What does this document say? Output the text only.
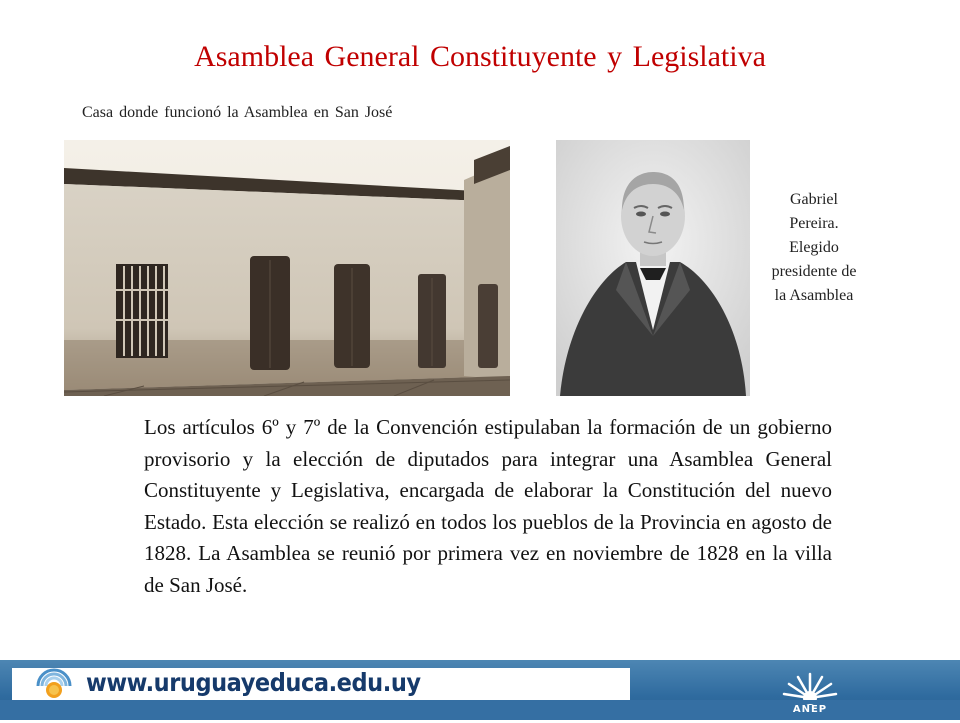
Asamblea General Constituyente y Legislativa
Casa donde funcionó la Asamblea en San José
Gabriel
Pereira.
Elegido
presidente de
la Asamblea
Los artículos 6º y 7º de la Convención estipulaban la formación de un gobierno provisorio y la elección de diputados para integrar una Asamblea General Constituyente y Legislativa, encargada de elaborar la Constitución del nuevo Estado. Esta elección se realizó en todos los pueblos de la Provincia en agosto de 1828. La Asamblea se reunió por primera vez en noviembre de 1828 en la villa de San José.
www.uruguayeduca.edu.uy
ANEP
